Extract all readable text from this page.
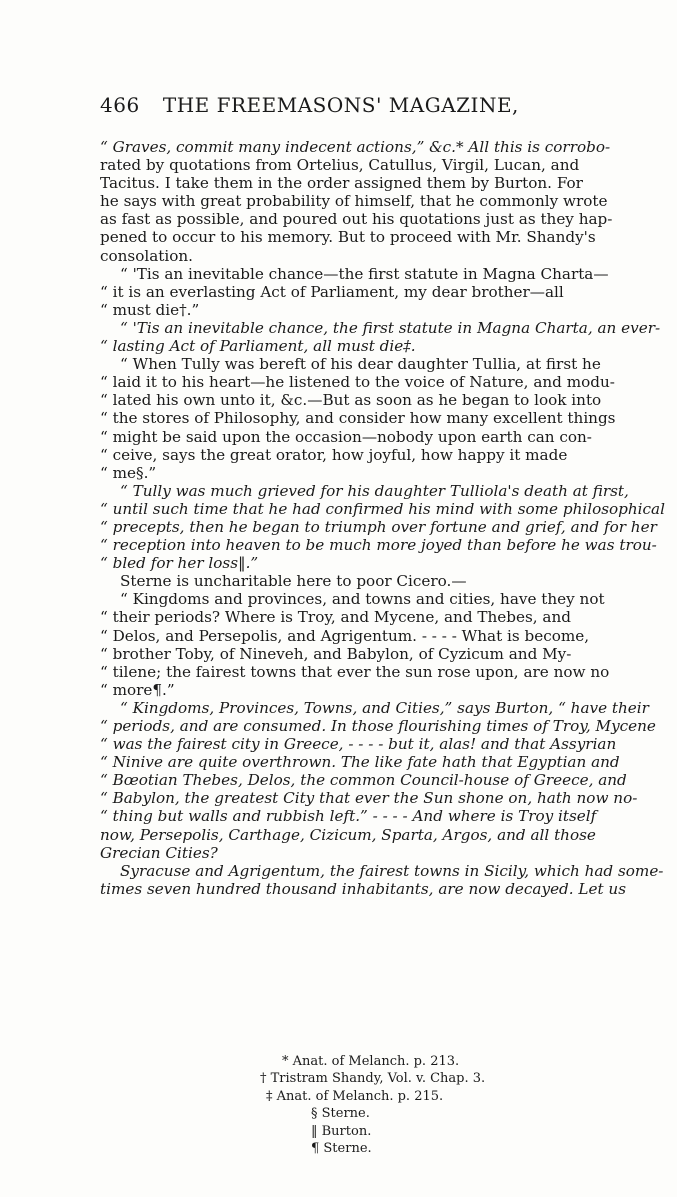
466 THE FREEMASONS' MAGAZINE,
“ Graves, commit many indecent actions,” &c.* All this is corrobo-
rated by quotations from Ortelius, Catullus, Virgil, Lucan, and
Tacitus. I take them in the order assigned them by Burton. For
he says with great probability of himself, that he commonly wrote
as fast as possible, and poured out his quotations just as they hap-
pened to occur to his memory. But to proceed with Mr. Shandy's
consolation.
“ 'Tis an inevitable chance—the first statute in Magna Charta—
“ it is an everlasting Act of Parliament, my dear brother—all
“ must die†.”
“ 'Tis an inevitable chance, the first statute in Magna Charta, an ever-
“ lasting Act of Parliament, all must die‡.
“ When Tully was bereft of his dear daughter Tullia, at first he
“ laid it to his heart—he listened to the voice of Nature, and modu-
“ lated his own unto it, &c.—But as soon as he began to look into
“ the stores of Philosophy, and consider how many excellent things
“ might be said upon the occasion—nobody upon earth can con-
“ ceive, says the great orator, how joyful, how happy it made
“ me§.”
“ Tully was much grieved for his daughter Tulliola's death at first,
“ until such time that he had confirmed his mind with some philosophical
“ precepts, then he began to triumph over fortune and grief, and for her
“ reception into heaven to be much more joyed than before he was trou-
“ bled for her loss‖.”
Sterne is uncharitable here to poor Cicero.—
“ Kingdoms and provinces, and towns and cities, have they not
“ their periods? Where is Troy, and Mycene, and Thebes, and
“ Delos, and Persepolis, and Agrigentum. - - - - What is become,
“ brother Toby, of Nineveh, and Babylon, of Cyzicum and My-
“ tilene; the fairest towns that ever the sun rose upon, are now no
“ more¶.”
“ Kingdoms, Provinces, Towns, and Cities,” says Burton, “ have their
“ periods, and are consumed. In those flourishing times of Troy, Mycene
“ was the fairest city in Greece, - - - - but it, alas! and that Assyrian
“ Ninive are quite overthrown. The like fate hath that Egyptian and
“ Bœotian Thebes, Delos, the common Council-house of Greece, and
“ Babylon, the greatest City that ever the Sun shone on, hath now no-
“ thing but walls and rubbish left.” - - - - And where is Troy itself
now, Persepolis, Carthage, Cizicum, Sparta, Argos, and all those
Grecian Cities?
Syracuse and Agrigentum, the fairest towns in Sicily, which had some-
times seven hundred thousand inhabitants, are now decayed. Let us
* Anat. of Melanch. p. 213.
† Tristram Shandy, Vol. v. Chap. 3.
‡ Anat. of Melanch. p. 215.
§ Sterne.
‖ Burton.
¶ Sterne.
